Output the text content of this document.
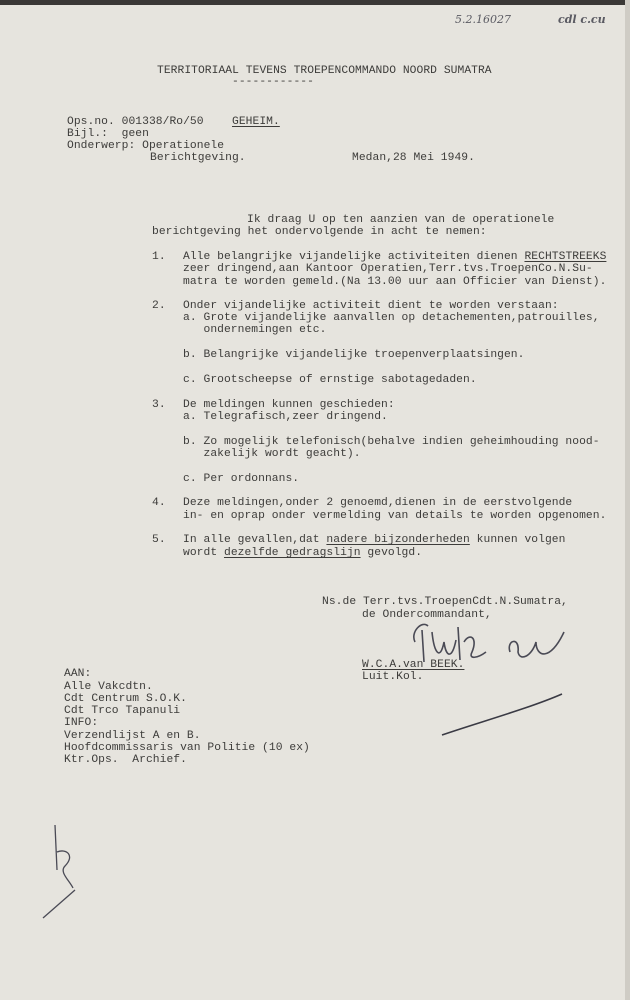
5.2.16027	cdl c.cu
TERRITORIAAL TEVENS TROEPENCOMMANDO NOORD SUMATRA
------------
Ops.no. 001338/Ro/50	GEHEIM.
Bijl.:  geen
Onderwerp: Operationele
Berichtgeving.	Medan,28 Mei 1949.
Ik draag U op ten aanzien van de operationele
berichtgeving het ondervolgende in acht te nemen:
1. Alle belangrijke vijandelijke activiteiten dienen RECHTSTREEKS
zeer dringend,aan Kantoor Operatien,Terr.tvs.TroepenCo.N.Su-
matra te worden gemeld.(Na 13.00 uur aan Officier van Dienst).
2. Onder vijandelijke activiteit dient te worden verstaan:
a. Grote vijandelijke aanvallen op detachementen,patrouilles,
ondernemingen etc.
b. Belangrijke vijandelijke troepenverplaatsingen.
c. Grootscheepse of ernstige sabotagedaden.
3. De meldingen kunnen geschieden:
a. Telegrafisch,zeer dringend.
b. Zo mogelijk telefonisch(behalve indien geheimhouding nood-
zakelijk wordt geacht).
c. Per ordonnans.
4. Deze meldingen,onder 2 genoemd,dienen in de eerstvolgende
in- en oprap onder vermelding van details te worden opgenomen.
5. In alle gevallen,dat nadere bijzonderheden kunnen volgen
wordt dezelfde gedragslijn gevolgd.
Ns.de Terr.tvs.TroepenCdt.N.Sumatra,
de Ondercommandant,
W.C.A.van BEEK.
Luit.Kol.
AAN:
Alle Vakcdtn.
Cdt Centrum S.O.K.
Cdt Trco Tapanuli
INFO:
Verzendlijst A en B.
Hoofdcommissaris van Politie (10 ex)
Ktr.Ops.  Archief.
